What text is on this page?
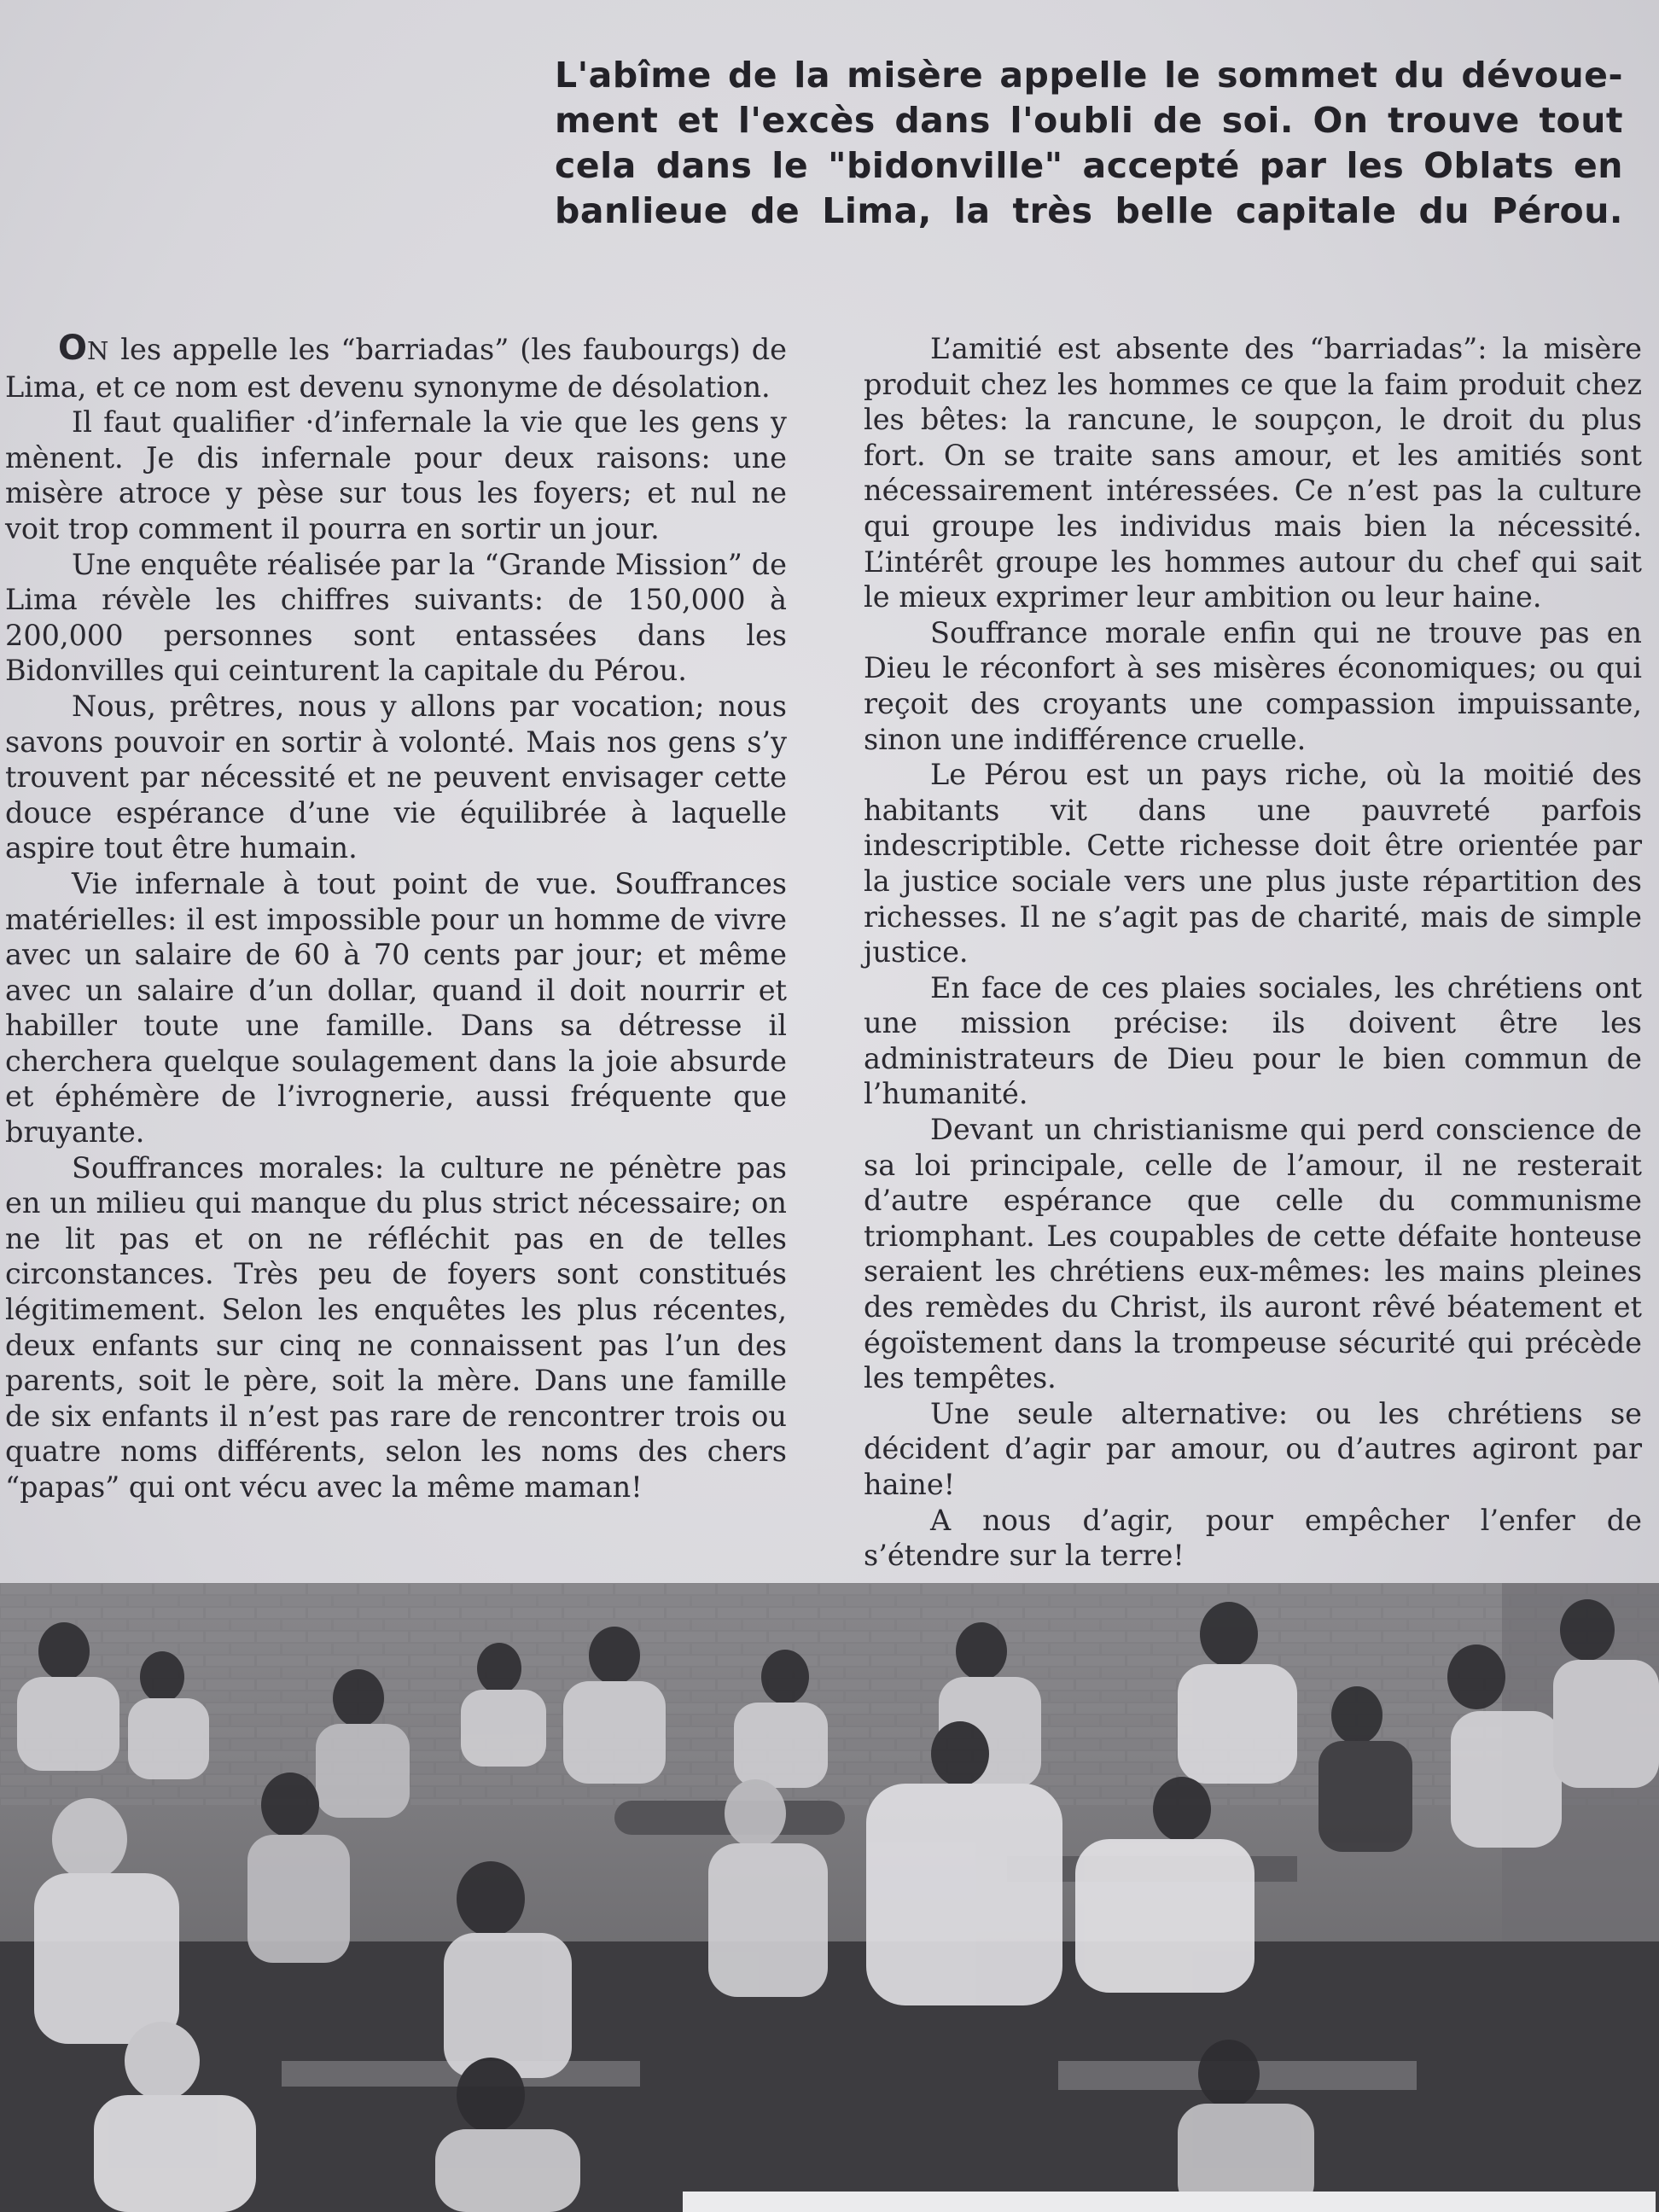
L'abîme de la misère appelle le sommet du dévoue-
ment et l'excès dans l'oubli de soi. On trouve tout
cela dans le "bidonville" accepté par les Oblats en
banlieue de Lima, la très belle capitale du Pérou.

ON les appelle les “barriadas” (les faubourgs) de Lima, et ce nom est devenu synonyme de désolation.

Il faut qualifier ·d’infernale la vie que les gens y mènent. Je dis infernale pour deux raisons: une misère atroce y pèse sur tous les foyers; et nul ne voit trop comment il pourra en sortir un jour.

Une enquête réalisée par la “Grande Mission” de Lima révèle les chiffres suivants: de 150,000 à 200,000 personnes sont entassées dans les Bidonvilles qui ceinturent la capitale du Pérou.

Nous, prêtres, nous y allons par vocation; nous savons pouvoir en sortir à volonté. Mais nos gens s’y trouvent par nécessité et ne peuvent envisager cette douce espérance d’une vie équilibrée à laquelle aspire tout être humain.

Vie infernale à tout point de vue. Souffrances matérielles: il est impossible pour un homme de vivre avec un salaire de 60 à 70 cents par jour; et même avec un salaire d’un dollar, quand il doit nourrir et habiller toute une famille. Dans sa détresse il cherchera quelque soulagement dans la joie absurde et éphémère de l’ivrognerie, aussi fréquente que bruyante.

Souffrances morales: la culture ne pénètre pas en un milieu qui manque du plus strict nécessaire; on ne lit pas et on ne réfléchit pas en de telles circonstances. Très peu de foyers sont constitués légitimement. Selon les enquêtes les plus récentes, deux enfants sur cinq ne connaissent pas l’un des parents, soit le père, soit la mère. Dans une famille de six enfants il n’est pas rare de rencontrer trois ou quatre noms différents, selon les noms des chers “papas” qui ont vécu avec la même maman!

L’amitié est absente des “barriadas”: la misère produit chez les hommes ce que la faim produit chez les bêtes: la rancune, le soupçon, le droit du plus fort. On se traite sans amour, et les amitiés sont nécessairement intéressées. Ce n’est pas la culture qui groupe les individus mais bien la nécessité. L’intérêt groupe les hommes autour du chef qui sait le mieux exprimer leur ambition ou leur haine.

Souffrance morale enfin qui ne trouve pas en Dieu le réconfort à ses misères économiques; ou qui reçoit des croyants une compassion impuissante, sinon une indifférence cruelle.

Le Pérou est un pays riche, où la moitié des habitants vit dans une pauvreté parfois indescriptible. Cette richesse doit être orientée par la justice sociale vers une plus juste répartition des richesses. Il ne s’agit pas de charité, mais de simple justice.

En face de ces plaies sociales, les chrétiens ont une mission précise: ils doivent être les administrateurs de Dieu pour le bien commun de l’humanité.

Devant un christianisme qui perd conscience de sa loi principale, celle de l’amour, il ne resterait d’autre espérance que celle du communisme triomphant. Les coupables de cette défaite honteuse seraient les chrétiens eux-mêmes: les mains pleines des remèdes du Christ, ils auront rêvé béatement et égoïstement dans la trompeuse sécurité qui précède les tempêtes.

Une seule alternative: ou les chrétiens se décident d’agir par amour, ou d’autres agiront par haine!

A nous d’agir, pour empêcher l’enfer de s’étendre sur la terre!
